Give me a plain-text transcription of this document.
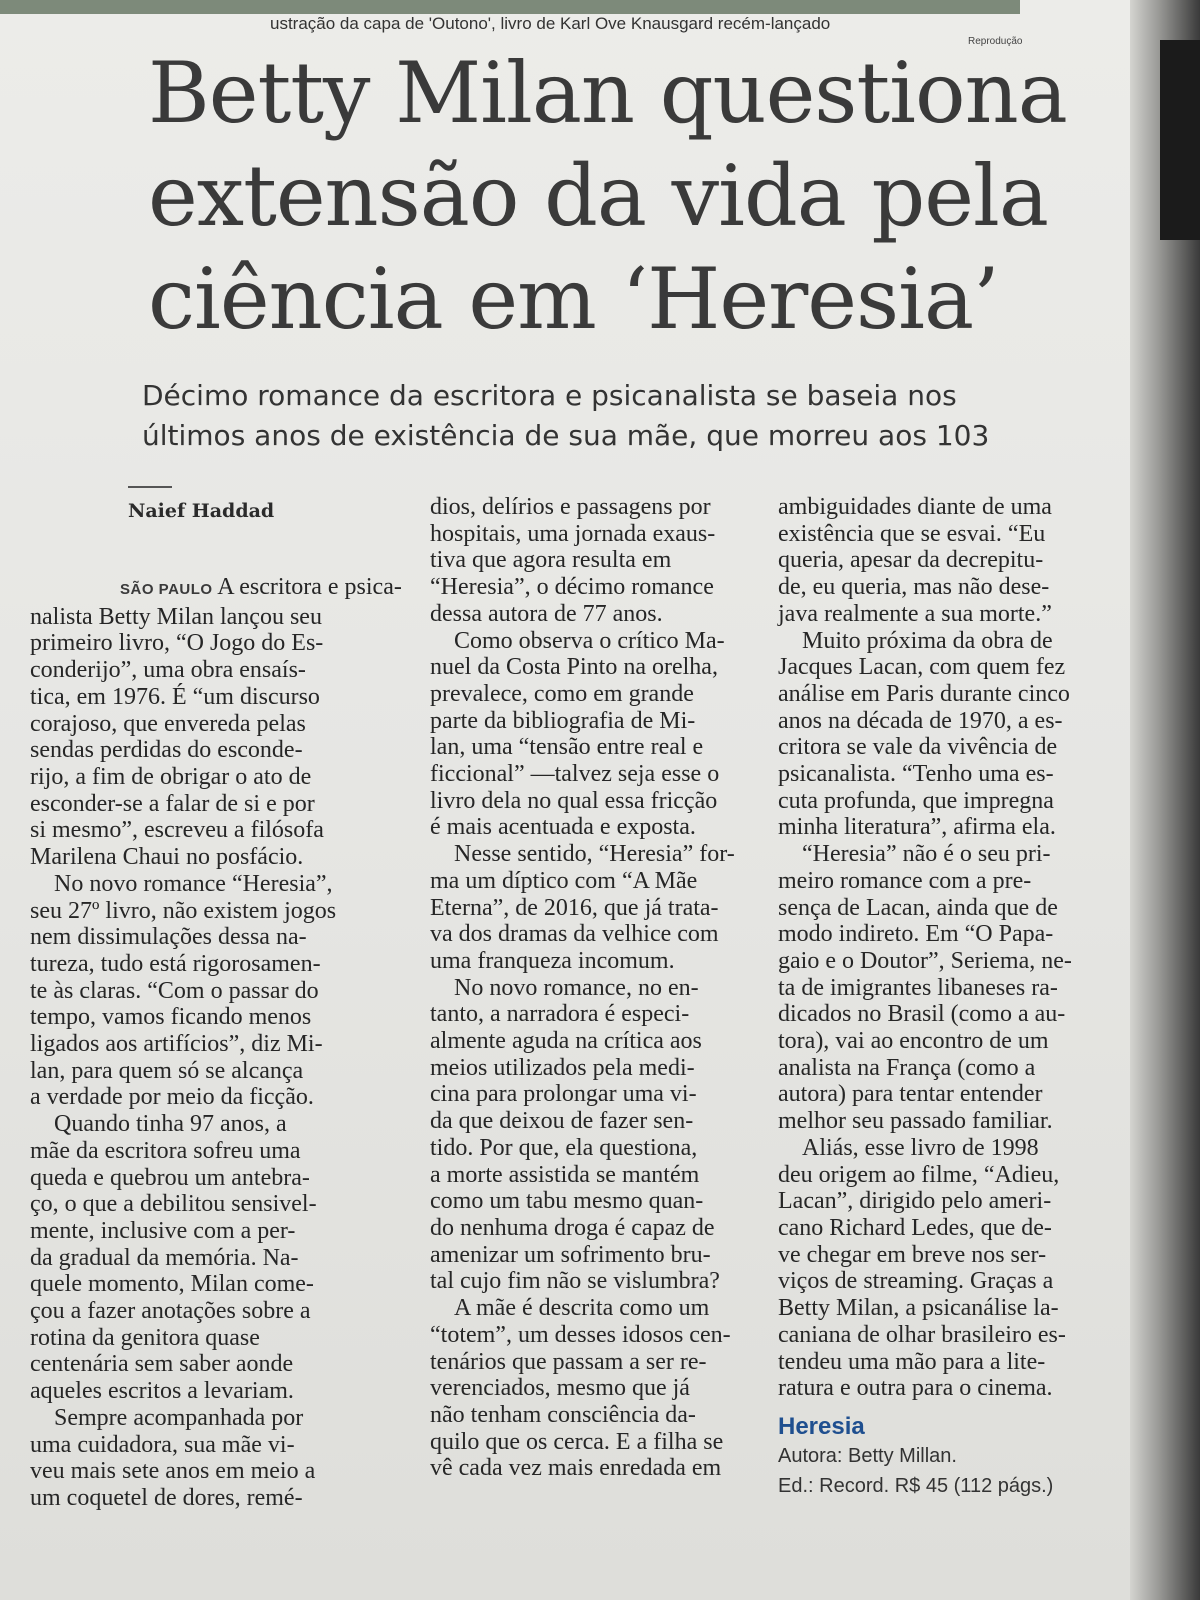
ustração da capa de 'Outono', livro de Karl Ove Knausgard recém-lançado
Reprodução
Betty Milan questiona
extensão da vida pela
ciência em ‘Heresia’
Décimo romance da escritora e psicanalista se baseia nos
últimos anos de existência de sua mãe, que morreu aos 103
Naief Haddad
SÃO PAULO A escritora e psica-
nalista Betty Milan lançou seu
primeiro livro, “O Jogo do Es-
conderijo”, uma obra ensaís-
tica, em 1976. É “um discurso
corajoso, que envereda pelas
sendas perdidas do esconde-
rijo, a fim de obrigar o ato de
esconder-se a falar de si e por
si mesmo”, escreveu a filósofa
Marilena Chaui no posfácio.
No novo romance “Heresia”,
seu 27º livro, não existem jogos
nem dissimulações dessa na-
tureza, tudo está rigorosamen-
te às claras. “Com o passar do
tempo, vamos ficando menos
ligados aos artifícios”, diz Mi-
lan, para quem só se alcança
a verdade por meio da ficção.
Quando tinha 97 anos, a
mãe da escritora sofreu uma
queda e quebrou um antebra-
ço, o que a debilitou sensivel-
mente, inclusive com a per-
da gradual da memória. Na-
quele momento, Milan come-
çou a fazer anotações sobre a
rotina da genitora quase
centenária sem saber aonde
aqueles escritos a levariam.
Sempre acompanhada por
uma cuidadora, sua mãe vi-
veu mais sete anos em meio a
um coquetel de dores, remé-
dios, delírios e passagens por
hospitais, uma jornada exaus-
tiva que agora resulta em
“Heresia”, o décimo romance
dessa autora de 77 anos.
Como observa o crítico Ma-
nuel da Costa Pinto na orelha,
prevalece, como em grande
parte da bibliografia de Mi-
lan, uma “tensão entre real e
ficcional” —talvez seja esse o
livro dela no qual essa fricção
é mais acentuada e exposta.
Nesse sentido, “Heresia” for-
ma um díptico com “A Mãe
Eterna”, de 2016, que já trata-
va dos dramas da velhice com
uma franqueza incomum.
No novo romance, no en-
tanto, a narradora é especi-
almente aguda na crítica aos
meios utilizados pela medi-
cina para prolongar uma vi-
da que deixou de fazer sen-
tido. Por que, ela questiona,
a morte assistida se mantém
como um tabu mesmo quan-
do nenhuma droga é capaz de
amenizar um sofrimento bru-
tal cujo fim não se vislumbra?
A mãe é descrita como um
“totem”, um desses idosos cen-
tenários que passam a ser re-
verenciados, mesmo que já
não tenham consciência da-
quilo que os cerca. E a filha se
vê cada vez mais enredada em
ambiguidades diante de uma
existência que se esvai. “Eu
queria, apesar da decrepitu-
de, eu queria, mas não dese-
java realmente a sua morte.”
Muito próxima da obra de
Jacques Lacan, com quem fez
análise em Paris durante cinco
anos na década de 1970, a es-
critora se vale da vivência de
psicanalista. “Tenho uma es-
cuta profunda, que impregna
minha literatura”, afirma ela.
“Heresia” não é o seu pri-
meiro romance com a pre-
sença de Lacan, ainda que de
modo indireto. Em “O Papa-
gaio e o Doutor”, Seriema, ne-
ta de imigrantes libaneses ra-
dicados no Brasil (como a au-
tora), vai ao encontro de um
analista na França (como a
autora) para tentar entender
melhor seu passado familiar.
Aliás, esse livro de 1998
deu origem ao filme, “Adieu,
Lacan”, dirigido pelo ameri-
cano Richard Ledes, que de-
ve chegar em breve nos ser-
viços de streaming. Graças a
Betty Milan, a psicanálise la-
caniana de olhar brasileiro es-
tendeu uma mão para a lite-
ratura e outra para o cinema.
Heresia
Autora: Betty Millan.
Ed.: Record. R$ 45 (112 págs.)
